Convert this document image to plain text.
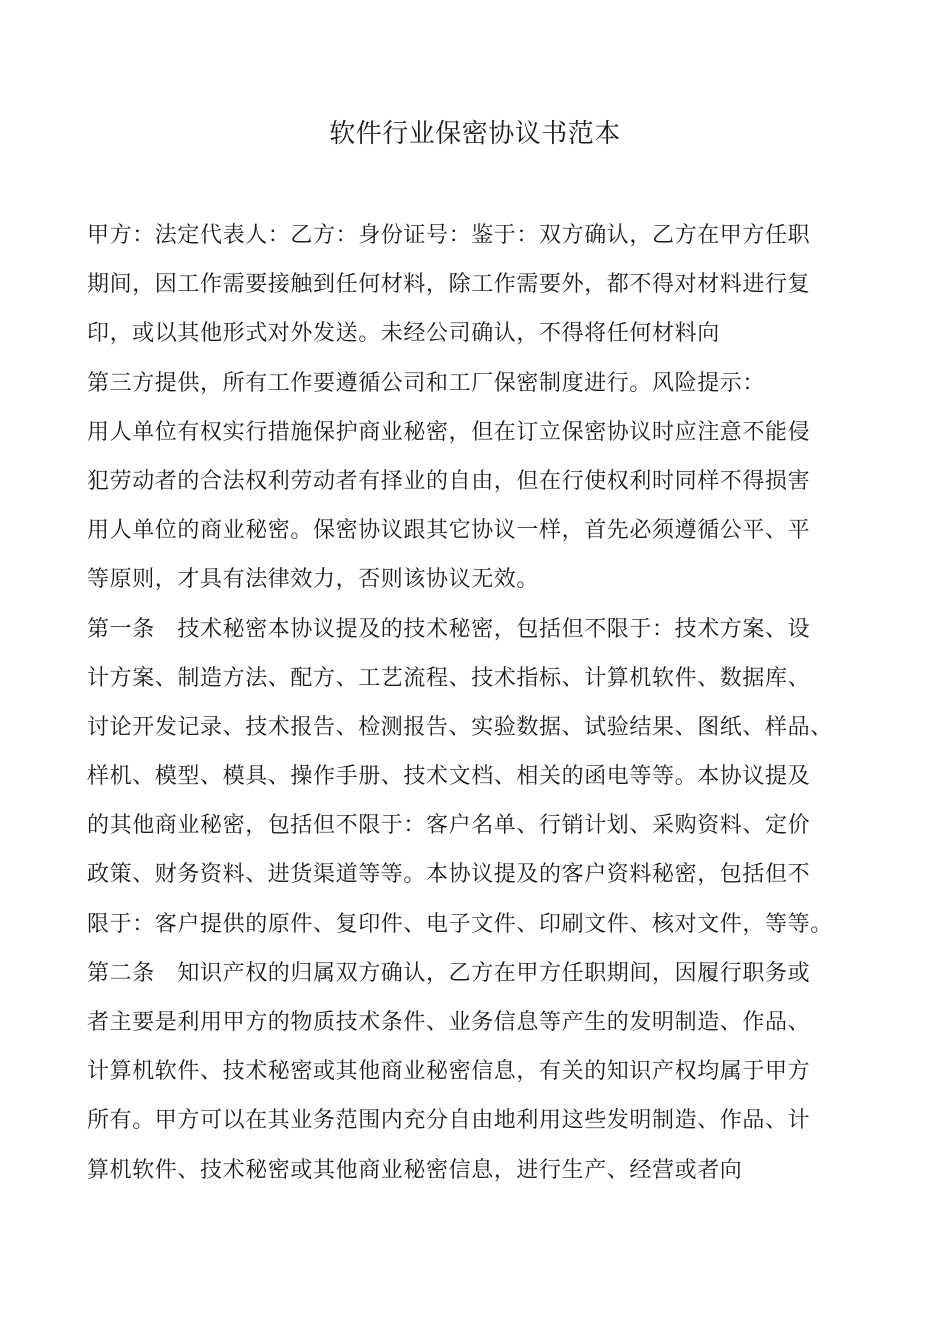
软件行业保密协议书范本
甲方：法定代表人：乙方：身份证号：鉴于：双方确认，乙方在甲方任职
期间，因工作需要接触到任何材料，除工作需要外，都不得对材料进行复
印，或以其他形式对外发送。未经公司确认，不得将任何材料向
第三方提供，所有工作要遵循公司和工厂保密制度进行。风险提示：
用人单位有权实行措施保护商业秘密，但在订立保密协议时应注意不能侵
犯劳动者的合法权利劳动者有择业的自由，但在行使权利时同样不得损害
用人单位的商业秘密。保密协议跟其它协议一样，首先必须遵循公平、平
等原则，才具有法律效力，否则该协议无效。
第一条　技术秘密本协议提及的技术秘密，包括但不限于：技术方案、设
计方案、制造方法、配方、工艺流程、技术指标、计算机软件、数据库、
讨论开发记录、技术报告、检测报告、实验数据、试验结果、图纸、样品、
样机、模型、模具、操作手册、技术文档、相关的函电等等。本协议提及
的其他商业秘密，包括但不限于：客户名单、行销计划、采购资料、定价
政策、财务资料、进货渠道等等。本协议提及的客户资料秘密，包括但不
限于：客户提供的原件、复印件、电子文件、印刷文件、核对文件，等等。
第二条　知识产权的归属双方确认，乙方在甲方任职期间，因履行职务或
者主要是利用甲方的物质技术条件、业务信息等产生的发明制造、作品、
计算机软件、技术秘密或其他商业秘密信息，有关的知识产权均属于甲方
所有。甲方可以在其业务范围内充分自由地利用这些发明制造、作品、计
算机软件、技术秘密或其他商业秘密信息，进行生产、经营或者向
